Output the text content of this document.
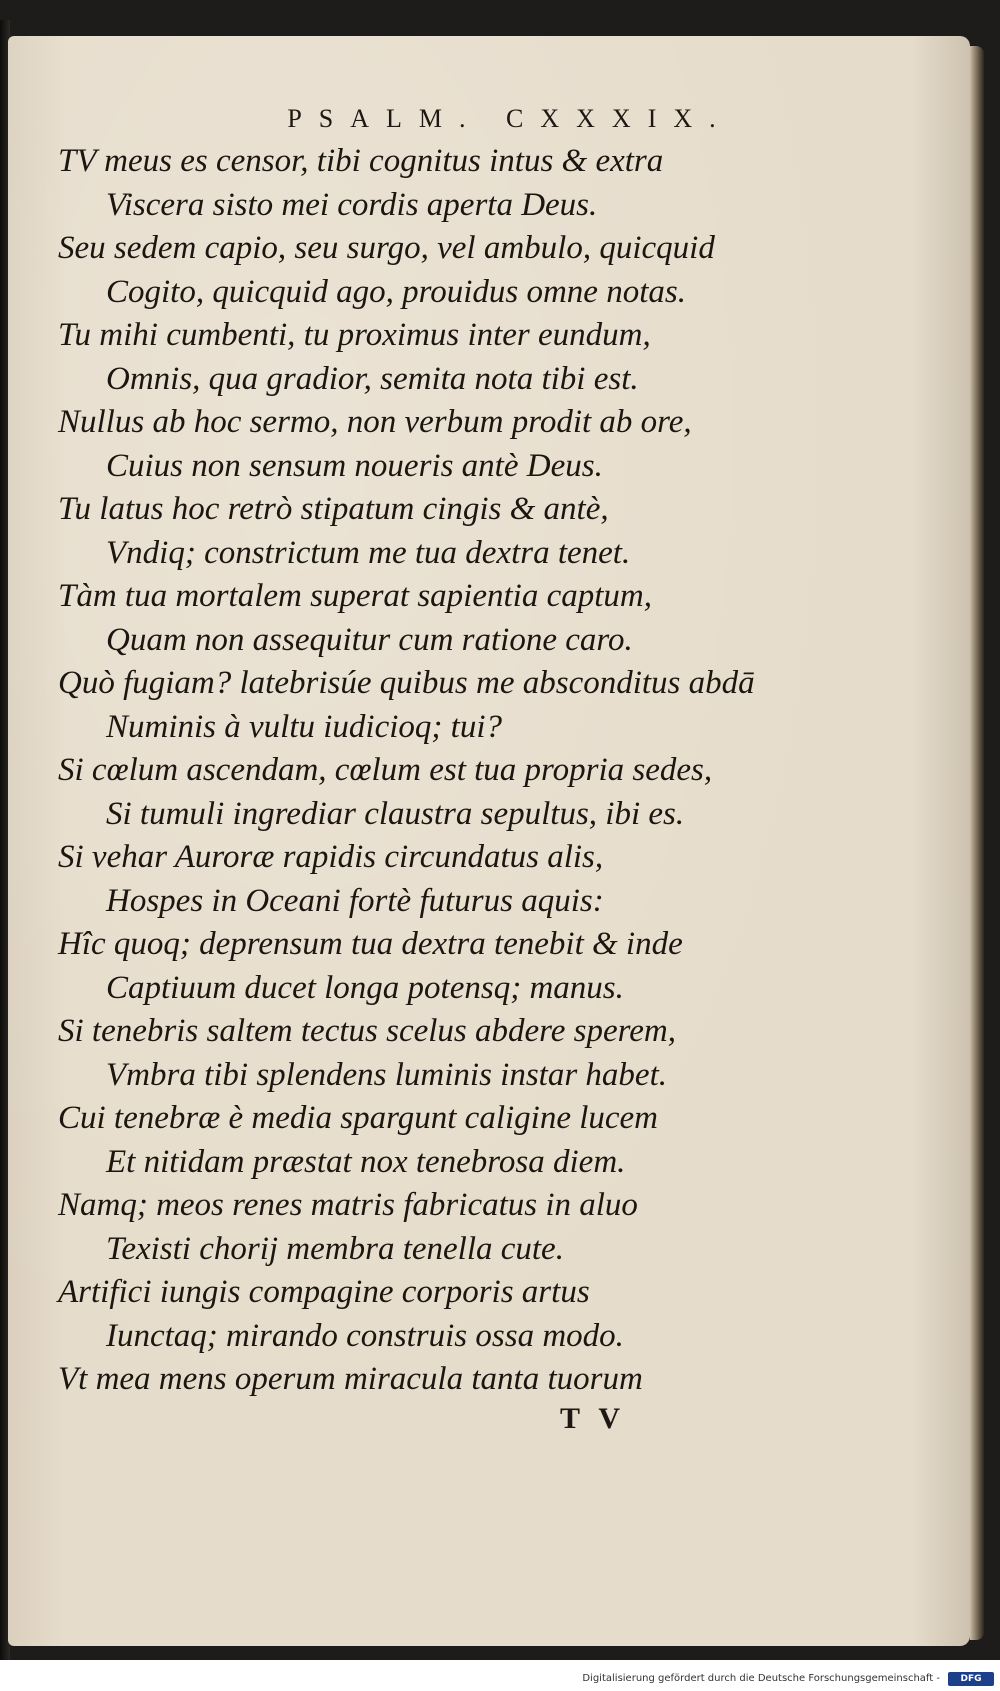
PSALM. CXXXIX.
TV meus es censor, tibi cognitus intus & extra
Viscera sisto mei cordis aperta Deus.
Seu sedem capio, seu surgo, vel ambulo, quicquid
Cogito, quicquid ago, prouidus omne notas.
Tu mihi cumbenti, tu proximus inter eundum,
Omnis, qua gradior, semita nota tibi est.
Nullus ab hoc sermo, non verbum prodit ab ore,
Cuius non sensum noueris antè Deus.
Tu latus hoc retrò stipatum cingis & antè,
Vndiq; constrictum me tua dextra tenet.
Tàm tua mortalem superat sapientia captum,
Quam non assequitur cum ratione caro.
Quò fugiam? latebrisúe quibus me absconditus abdā
Numinis à vultu iudicioq; tui?
Si cœlum ascendam, cœlum est tua propria sedes,
Si tumuli ingrediar claustra sepultus, ibi es.
Si vehar Auroræ rapidis circundatus alis,
Hospes in Oceani fortè futurus aquis:
Hîc quoq; deprensum tua dextra tenebit & inde
Captiuum ducet longa potensq; manus.
Si tenebris saltem tectus scelus abdere sperem,
Vmbra tibi splendens luminis instar habet.
Cui tenebræ è media spargunt caligine lucem
Et nitidam præstat nox tenebrosa diem.
Namq; meos renes matris fabricatus in aluo
Texisti chorij membra tenella cute.
Artifici iungis compagine corporis artus
Iunctaq; mirando construis ossa modo.
Vt mea mens operum miracula tanta tuorum
T V
Digitalisierung gefördert durch die Deutsche Forschungsgemeinschaft -	DFG
